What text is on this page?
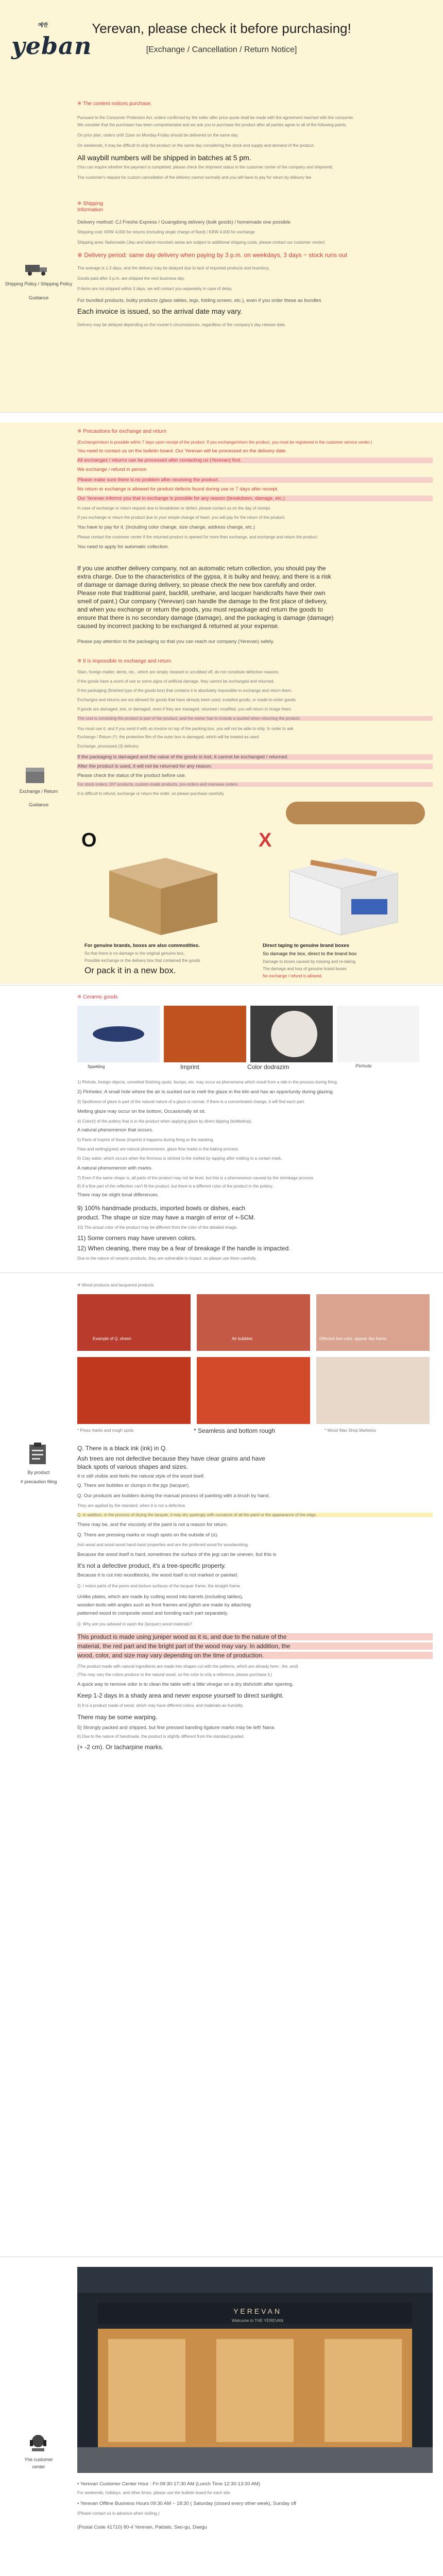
예반
yeban
Yerevan, please check it before purchasing!
[Exchange / Cancellation / Return Notice]
Shipping Policy / Shipping Policy
Guidance
※ The content notices purchase.
Pursuant to the Consumer Protection Act, orders confirmed by the seller after price quote shall be made with the agreement reached with the consumer.
We consider that the purchaser has been comprehended and we ask you to purchase the product after all parties agree to all of the following points.
On prior plan, orders until 11am on Monday-Friday should be delivered on the same day.
On weekends, it may be difficult to ship the product on the same day considering the stock and supply and demand of the product.
All waybill numbers will be shipped in batches at 5 pm.
(You can inquire whether the payment is completed, please check the shipment status in the customer center of the company and shipment)
The customer's request for custom cancellation of the delivery cannot normally and you will have to pay for return by delivery fee
※ Shipping
Information
Delivery method: CJ Freshe Express / Guangdong delivery (bulk goods) / homemade one possible
Shipping cost: KRW 4,000 for returns (including single charge of fixed) / KRW 4,000 for exchange
Shipping area: Nationwide (Jeju and island mountain areas are subject to additional shipping costs, please contact our customer center)
※ Delivery period: same day delivery when paying by 3 p.m. on weekdays, 3 days ~ stock runs out
The average is 1-2 days, and the delivery may be delayed due to lack of imported products and inventory.
Goods paid after 3 p.m. are shipped the next business day.
If items are not shipped within 3 days, we will contact you separately in case of delay.
For bundled products, bulky products (glass tables, legs, folding screen, etc.), even if you order these as bundles
Each invoice is issued, so the arrival date may vary.
Delivery may be delayed depending on the courier's circumstances, regardless of the company's day release date.
Exchange / Return
Guidance
※ Precautions for exchange and return
(Exchange/return is possible within 7 days upon receipt of the product. If you exchange/return the product, you must be registered in the customer service center.)
You need to contact us on the bulletin board. Our Yerevan will be processed on the delivery date.
All exchanges / returns can be processed after contacting us (Yerevan) first.
We exchange / refund in person
Please make sure there is no problem after receiving the product.
No return or exchange is allowed for product defects found during use or 7 days after receipt.
Our Yerevan informs you that in exchange is possible for any reason (breakdown, damage, etc.)
In case of exchange or return request due to breakdown or defect, please contact us on the day of receipt.
If you exchange or return the product due to your simple change of heart, you will pay for the return of the product.
You have to pay for it. (Including color change, size change, address change, etc.)
Please contact the customer center if the returned product is opened for more than exchange, and exchange and return the product.
You need to apply for automatic collection.
If you use another delivery company, not an automatic return collection, you should pay the
extra charge. Due to the characteristics of the gypsa, it is bulky and heavy, and there is a risk
of damage or damage during delivery, so please check the new box carefully and order.
Please note that traditional paint, backfill, urethane, and lacquer handicrafts have their own
smell of paint.) Our company (Yerevan) can handle the damage to the first place of delivery,
and when you exchange or return the goods, you must repackage and return the goods to
ensure that there is no secondary damage (damage), and the packaging is damage (damage)
caused by incorrect packing to be exchanged & returned at your expense.
Please pay attention to the packaging so that you can reach our company (Yerevan) safely.
※ It is impossible to exchange and return
Stain, foreign matter, dents, etc., which are simply cleaned or scrubbed off, do not constitute defective reasons.
If the goods have a scent of use or some signs of artificial damage, they cannot be exchanged and returned.
If the packaging (finished type of the goods box) that contains it is absolutely impossible to exchange and return them.
Exchanges and returns are not allowed for goods that have already been used, installed goods, or made-to-order goods.
If goods are damaged, lost, or damaged, even if they are managed, returned / modified, you will return to image them.
The cost is consisting the product is part of the product, and the owner has to include a quoted when returning the product.
You must use it, and if you send it with an invoice on top of the packing box, you will not be able to ship. In order to ask
Exchange / Return (*): the protective film of the outer box is damaged, which will be treated as used
Exchange, processed (3) delivery
If the packaging is damaged and the value of the goods is lost, it cannot be exchanged / returned.
After the product is used, it will not be returned for any reason.
Please check the status of the product before use.
For stock orders, DIY products, custom-made products, pre-orders and overseas orders.
It is difficult to refund, exchange or return the order, so please purchase carefully.
O	X
For genuine brands, boxes are also commodities.
So that there is no damage to the original genuine box,
Possible exchange or the delivery box that contained the goods
Or pack it in a new box.
Direct taping to genuine brand boxes
So damage the box, direct to the brand box
Damage to boxes caused by missing and re-taking.
The damage and loss of genuine brand boxes
No exchange / refund is allowed.
※ Ceramic goods
Sparkling	Imprint	Color dodrazim	Pinhole
1) Pinhole, foreign objects, unmelted finishing spots, bumps, etc. may occur as phenomena which result from a ride in the process during firing.
2) Pinholes: A small hole where the air is sucked out to melt the glaze in the kiln and has an opportunity during glazing.
3) Spottiness of glaze is part of the natural nature of a glaze is normal. If there is a concentrated change, it will find each part.
Melting glaze may occur on the bottom, Occasionally sit sit.
4) Color(t) of the pottery that is in the product when applying glaze by direct dipping (bottledrop).
A natural phenomenon that occurs.
5) Parts of imprint of those (Imprint) it happens during firing or the stacking.
Flaw and writing(grew) are natural phenomenon, glaze flow marks in the baking process.
6) Clay water, which occurs when the firmness is sticked to the melted by tapping after melting to a certain mark.
A natural phenomenon with marks.
7) Even if the same shape is, all parts of the product may not be level, but this is a phenomenon caused by the shrinkage process.
8) If a fine part of the reflection can't fit the product, but there is a different color of the product in the pottery.
There may be slight tonal differences.
9) 100% handmade products, imported bowls or dishes, each
product. The shape or size may have a margin of error of +-5CM.
10) The actual color of the product may be different from the color of the detailed image.
11) Some corners may have uneven colors.
12) When cleaning, there may be a fear of breakage if the handle is impacted.
Due to the nature of ceramic products, they are vulnerable to impact, so please use them carefully.
By product
# precaution filing
※ Wood products and lacquered products
Example of Q. sheen	Air bubbles	Different line color, appear like frame
* Press marks and rough spots	* Seamless and bottom rough	* Wood Wax Shop Marketos
Q. There is a black ink (ink) in Q.
Ash trees are not defective because they have clear grains and have
black spots of various shapes and sizes.
It is still visible and feels the natural style of the wood itself.
Q. There are bubbles or clumps in the jigs (lacquer).
Q. Our products are builders during the manual process of painting with a brush by hand.
They are applied by the standard, when it is not a defective.
Q. In addition, in the process of drying the lacquer, it may dry sparingly with curvature of all the paint or the appearance of the edge.
There may be, and the viscosity of the paint is not a reason for return.
Q. There are pressing marks or rough spots on the outside of (o).
Ash wood and wood wood hand-hand properties and are the preferred wood for woodworking.
Because the wood itself is hard, sometimes the surface of the jegi can be uneven, but this is
It's not a defective product, it's a tree-specific property.
Because it is cut into woodblocks, the wood itself is not marked or painted.
Q. I notice parts of the pores and texture surfaces of the lacquer frame, the straight frame.
Unlike plates, which are made by cutting wood into barrels (including tables),
wooden tools with angles such as front frames and jigfish are made by attaching
patterned wood to composite wood and bonding each part separately.
Q. Why are you advised to wash the (lacquer) wood materials?
This product is made using juniper wood as it is, and due to the nature of the
material, the red part and the bright part of the wood may vary. In addition, the
wood, color, and size may vary depending on the time of production.
(The product made with natural ingredients are made into shapes cut with the patterns, which are already here ; the, and)
(This may vary the colors produce to the natural wood, so the color is only a reference, please purchase it.)
A quick way to remove odor is to clean the table with a little vinegar on a dry dishcloth after opening.
Keep 1-2 days in a shady area and never expose yourself to direct sunlight.
4) It is a product made of wood, which may have different colors, and materials as humidity.
There may be some warping.
5) Strongly packed and shipped, but fine pressed banding ligature marks may be left! Nana
6) Due to the nature of handmade, the product is slightly different from the standard graded.
(+ -2 cm). Or tacharpine marks.
Yhe customer
center
YEREVAN
Welcome to THE YEREVAN
• Yerevan Customer Center Hour : Fri 09:30-17:30 AM (Lunch Time 12:30-13:30 AM)
For weekends, holidays, and other times, please use the bulletin board for each site.
• Yerevan Offline Business Hours 09:30 AM ~ 18:30 ( Saturday (closed every other week), Sunday off
(Please contact us in advance when visiting.)
(Postal Code 41710) 80-4 Yerevan, Paldalo, Seo-gu, Daegu
